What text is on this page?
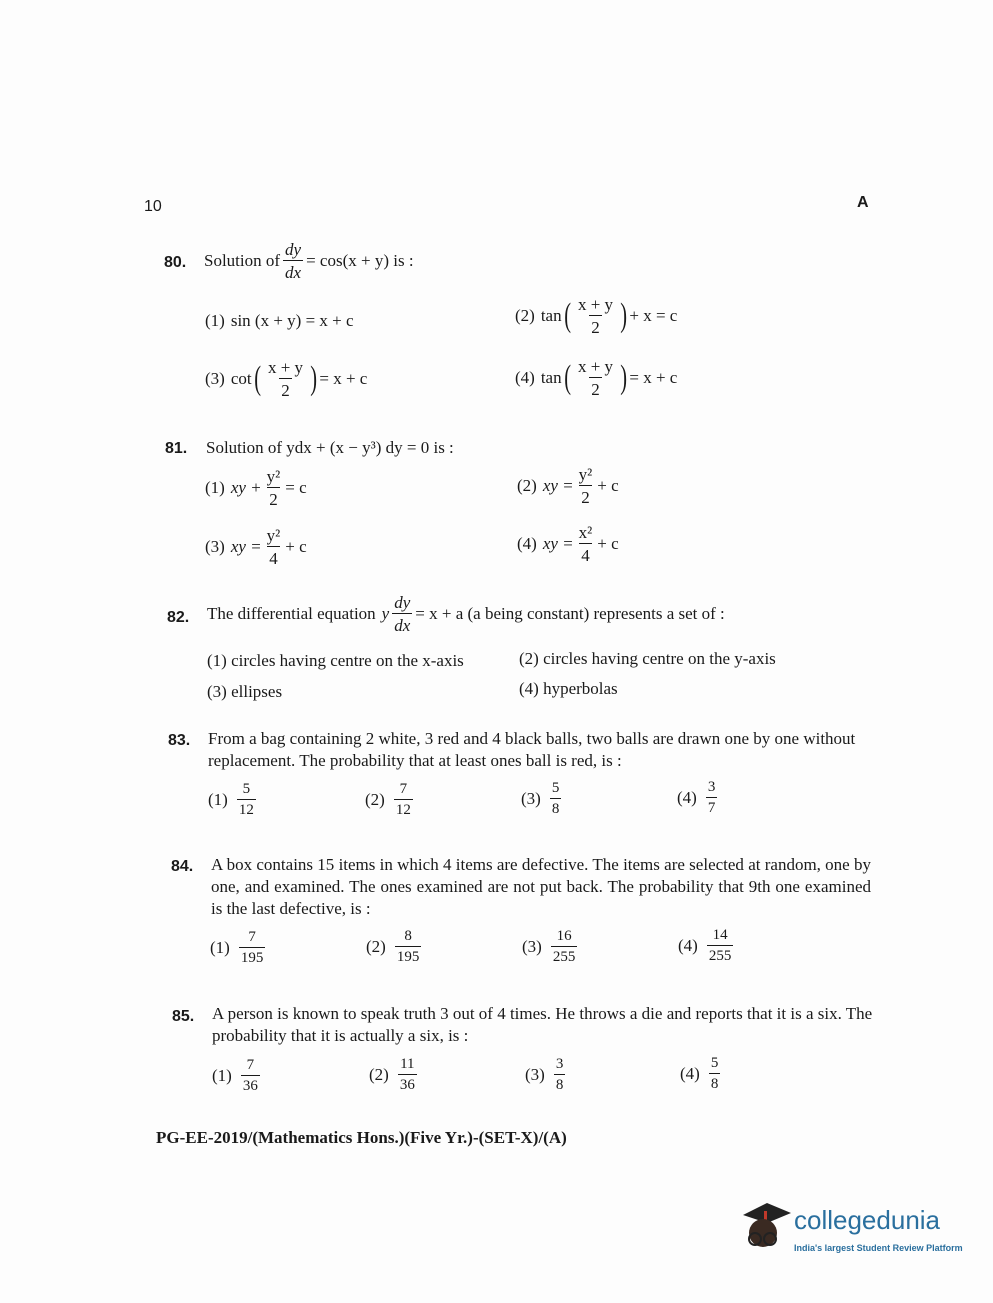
10	A
80. Solution of $\frac{dy}{dx} = \cos(x + y)$ is :
(1) sin (x + y) = x + c	(2) tan ( $\frac{x + y}{2}$ ) + x = c
(3) cot ( $\frac{x + y}{2}$ ) = x + c	(4) tan ( $\frac{x + y}{2}$ ) = x + c
81. Solution of ydx + (x − y³) dy = 0 is :
(1) xy + $\frac{\text{y²}}{2} = c$	(2) xy = $\frac{\text{y²}}{2} + c$
(3) xy = $\frac{\text{y²}}{4} + c$	(4) xy = $\frac{\text{x²}}{4} + c$
82. The differential equation y $\frac{dy}{dx} = x + a$ (a being constant) represents a set of :
(1) circles having centre on the x-axis	(2) circles having centre on the y-axis
(3) ellipses	(4) hyperbolas
83. From a bag containing 2 white, 3 red and 4 black balls, two balls are drawn one by one without replacement. The probability that at least ones ball is red, is :
$(1) \frac{5}{12}$	$(2) \frac{7}{12}$	$(3) \frac{5}{8}$	$(4) \frac{3}{7}$
84. A box contains 15 items in which 4 items are defective. The items are selected at random, one by one, and examined. The ones examined are not put back. The probability that 9th one examined is the last defective, is :
$(1) \frac{7}{195}$	$(2) \frac{8}{195}$	$(3) \frac{16}{255}$	$(4) \frac{14}{255}$
85. A person is known to speak truth 3 out of 4 times. He throws a die and reports that it is a six. The probability that it is actually a six, is :
$(1) \frac{7}{36}$	$(2) \frac{11}{36}$	$(3) \frac{3}{8}$	$(4) \frac{5}{8}$
PG-EE-2019/(Mathematics Hons.)(Five Yr.)-(SET-X)/(A)
collegedunia
India's largest Student Review Platform
